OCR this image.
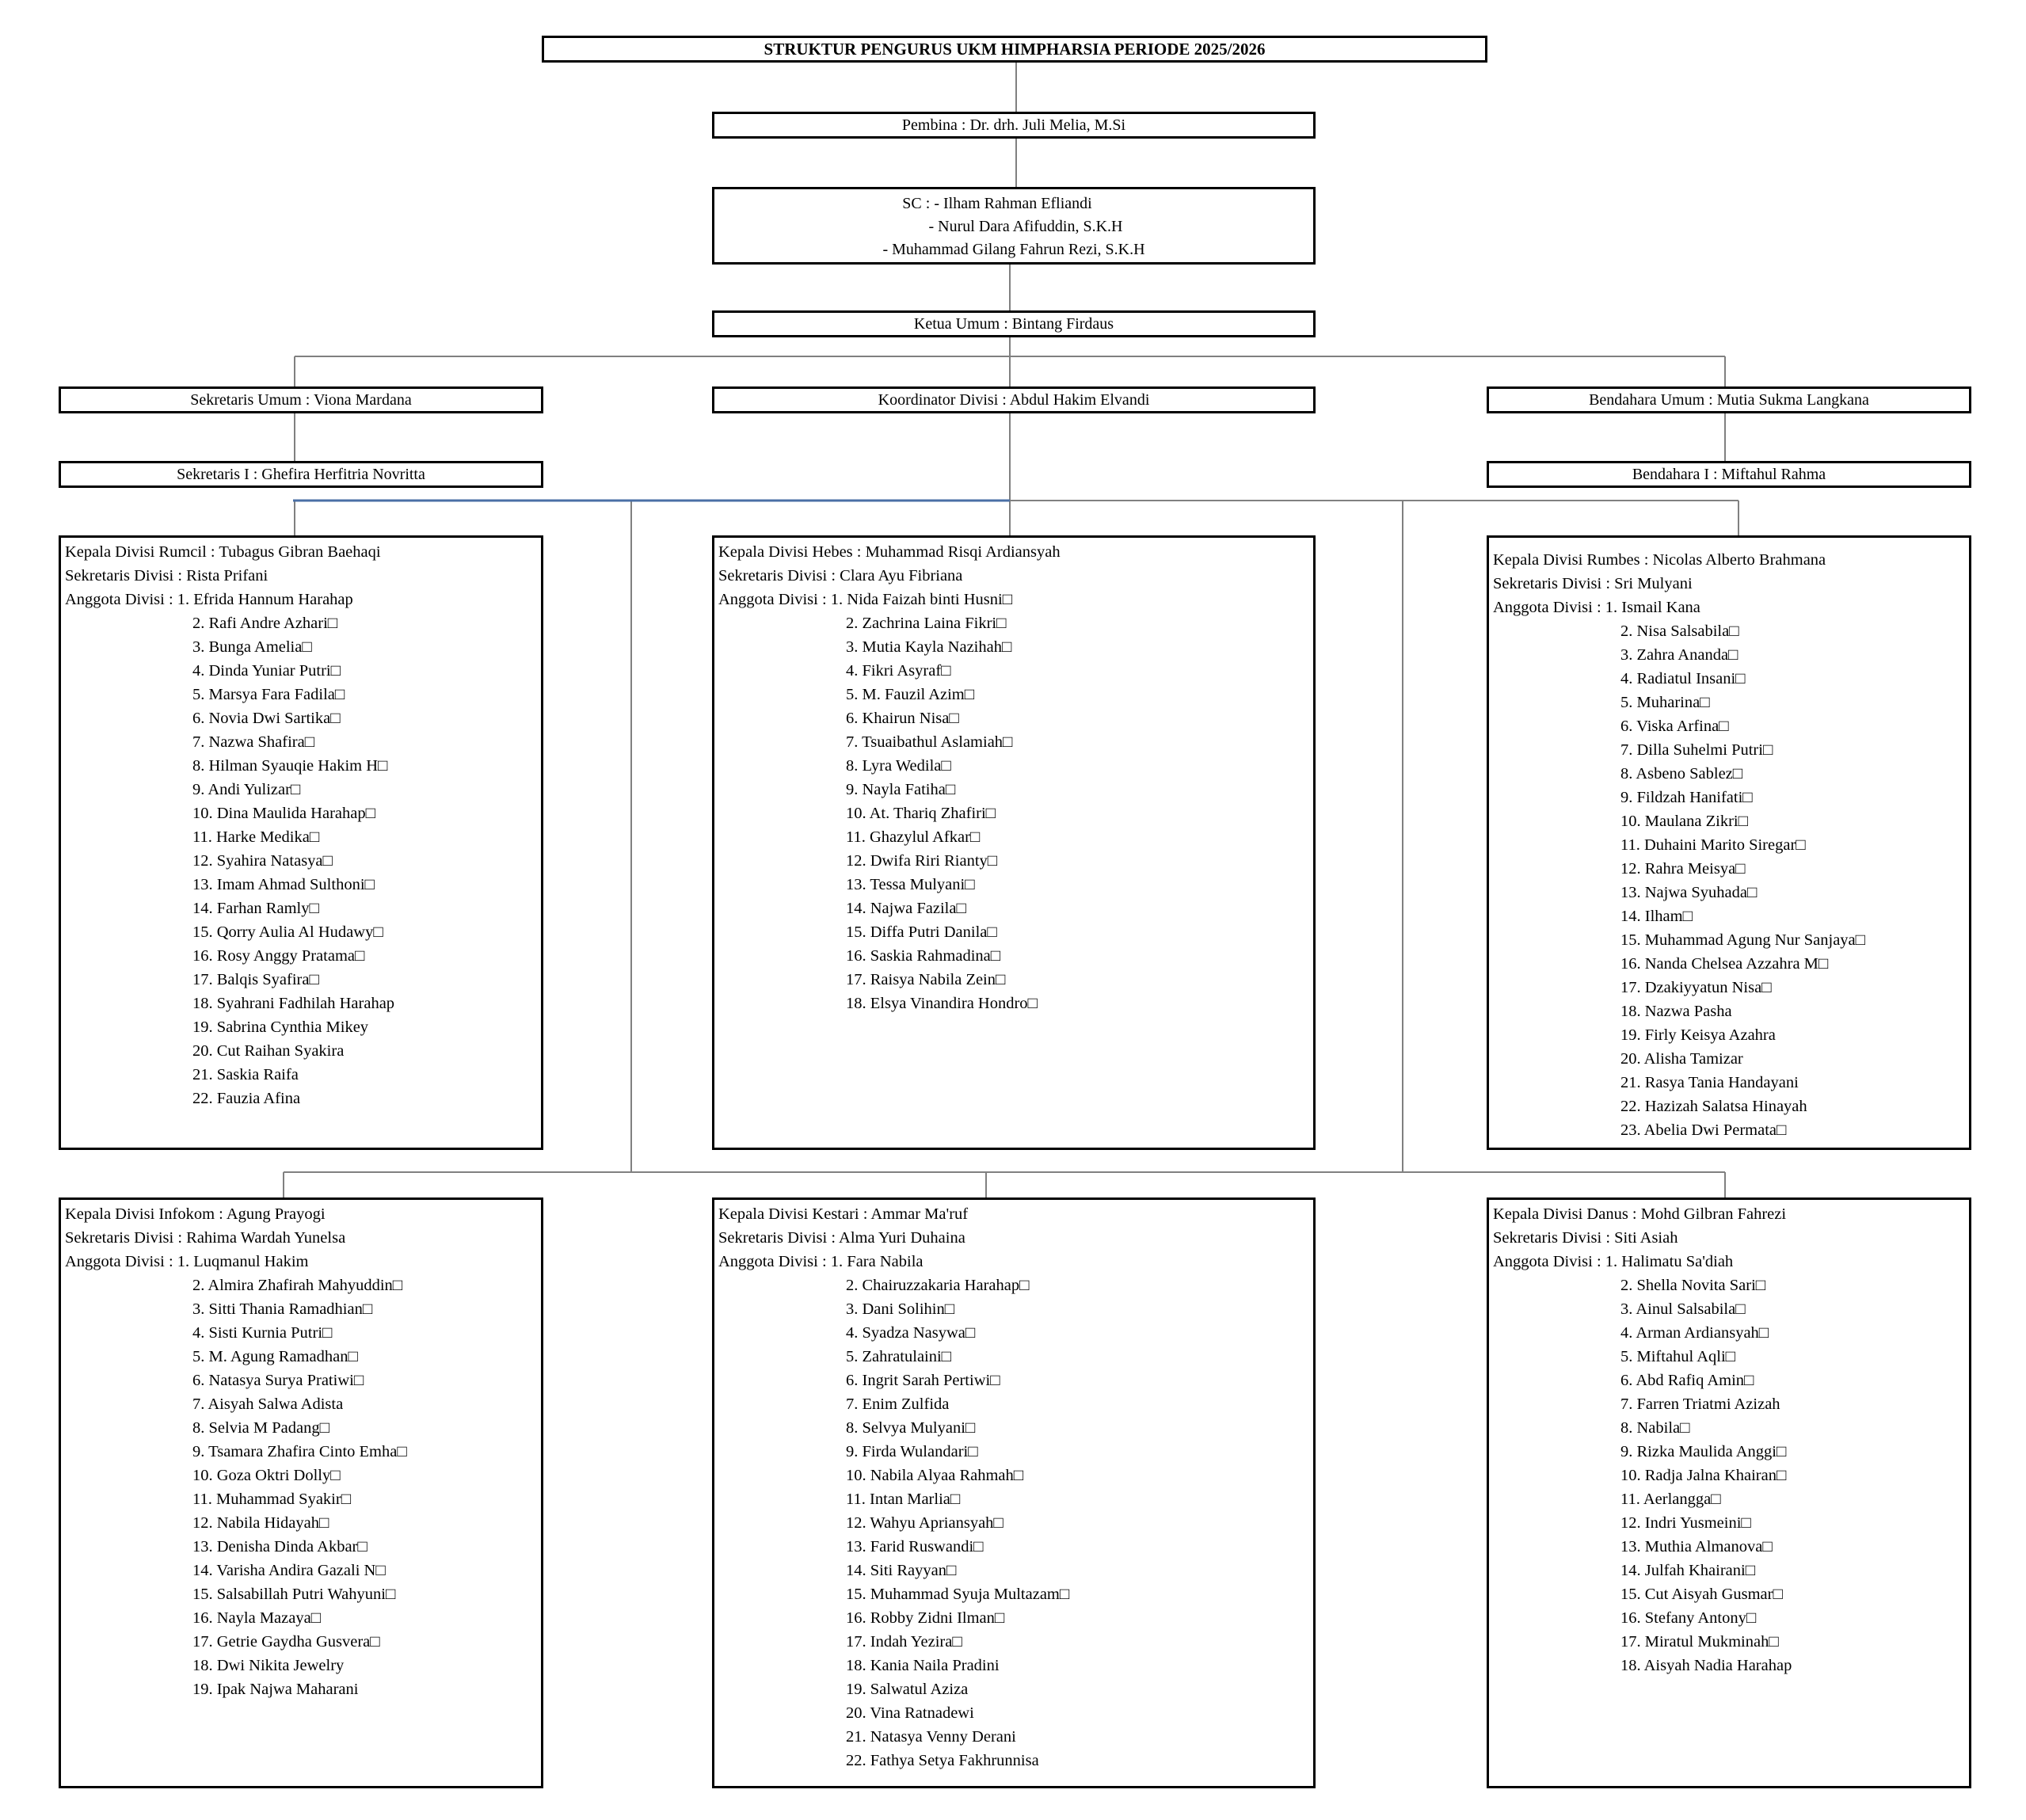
STRUKTUR PENGURUS UKM HIMPHARSIA PERIODE 2025/2026
Pembina : Dr. drh. Juli Melia, M.Si
SC : - Ilham Rahman Efliandi
- Nurul Dara Afifuddin, S.K.H
- Muhammad Gilang Fahrun Rezi, S.K.H
Ketua Umum : Bintang Firdaus
Sekretaris Umum : Viona Mardana	Koordinator Divisi : Abdul Hakim Elvandi	Bendahara Umum : Mutia Sukma Langkana
Sekretaris I : Ghefira Herfitria Novritta	Bendahara I : Miftahul Rahma
Kepala Divisi Rumcil : Tubagus Gibran Baehaqi
Sekretaris Divisi : Rista Prifani
Anggota Divisi : 1. Efrida Hannum Harahap
2. Rafi Andre Azhari□
3. Bunga Amelia□
4. Dinda Yuniar Putri□
5. Marsya Fara Fadila□
6. Novia Dwi Sartika□
7. Nazwa Shafira□
8. Hilman Syauqie Hakim H□
9. Andi Yulizar□
10. Dina Maulida Harahap□
11. Harke Medika□
12. Syahira Natasya□
13. Imam Ahmad Sulthoni□
14. Farhan Ramly□
15. Qorry Aulia Al Hudawy□
16. Rosy Anggy Pratama□
17. Balqis Syafira□
18. Syahrani Fadhilah Harahap
19. Sabrina Cynthia Mikey
20. Cut Raihan Syakira
21. Saskia Raifa
22. Fauzia Afina
Kepala Divisi Hebes : Muhammad Risqi Ardiansyah
Sekretaris Divisi : Clara Ayu Fibriana
Anggota Divisi : 1. Nida Faizah binti Husni□
2. Zachrina Laina Fikri□
3. Mutia Kayla Nazihah□
4. Fikri Asyraf□
5. M. Fauzil Azim□
6. Khairun Nisa□
7. Tsuaibathul Aslamiah□
8. Lyra Wedila□
9. Nayla Fatiha□
10. At. Thariq Zhafiri□
11. Ghazylul Afkar□
12. Dwifa Riri Rianty□
13. Tessa Mulyani□
14. Najwa Fazila□
15. Diffa Putri Danila□
16. Saskia Rahmadina□
17. Raisya Nabila Zein□
18. Elsya Vinandira Hondro□
Kepala Divisi Rumbes : Nicolas Alberto Brahmana
Sekretaris Divisi : Sri Mulyani
Anggota Divisi : 1. Ismail Kana
2. Nisa Salsabila□
3. Zahra Ananda□
4. Radiatul Insani□
5. Muharina□
6. Viska Arfina□
7. Dilla Suhelmi Putri□
8. Asbeno Sablez□
9. Fildzah Hanifati□
10. Maulana Zikri□
11. Duhaini Marito Siregar□
12. Rahra Meisya□
13. Najwa Syuhada□
14. Ilham□
15. Muhammad Agung Nur Sanjaya□
16. Nanda Chelsea Azzahra M□
17. Dzakiyyatun Nisa□
18. Nazwa Pasha
19. Firly Keisya Azahra
20. Alisha Tamizar
21. Rasya Tania Handayani
22. Hazizah Salatsa Hinayah
23. Abelia Dwi Permata□
Kepala Divisi Infokom : Agung Prayogi
Sekretaris Divisi : Rahima Wardah Yunelsa
Anggota Divisi : 1. Luqmanul Hakim
2. Almira Zhafirah Mahyuddin□
3. Sitti Thania Ramadhian□
4. Sisti Kurnia Putri□
5. M. Agung Ramadhan□
6. Natasya Surya Pratiwi□
7. Aisyah Salwa Adista
8. Selvia M Padang□
9. Tsamara Zhafira Cinto Emha□
10. Goza Oktri Dolly□
11. Muhammad Syakir□
12. Nabila Hidayah□
13. Denisha Dinda Akbar□
14. Varisha Andira Gazali N□
15. Salsabillah Putri Wahyuni□
16. Nayla Mazaya□
17. Getrie Gaydha Gusvera□
18. Dwi Nikita Jewelry
19. Ipak Najwa Maharani
Kepala Divisi Kestari : Ammar Ma'ruf
Sekretaris Divisi : Alma Yuri Duhaina
Anggota Divisi : 1. Fara Nabila
2. Chairuzzakaria Harahap□
3. Dani Solihin□
4. Syadza Nasywa□
5. Zahratulaini□
6. Ingrit Sarah Pertiwi□
7. Enim Zulfida
8. Selvya Mulyani□
9. Firda Wulandari□
10. Nabila Alyaa Rahmah□
11. Intan Marlia□
12. Wahyu Apriansyah□
13. Farid Ruswandi□
14. Siti Rayyan□
15. Muhammad Syuja Multazam□
16. Robby Zidni Ilman□
17. Indah Yezira□
18. Kania Naila Pradini
19. Salwatul Aziza
20. Vina Ratnadewi
21. Natasya Venny Derani
22. Fathya Setya Fakhrunnisa
Kepala Divisi Danus : Mohd Gilbran Fahrezi
Sekretaris Divisi : Siti Asiah
Anggota Divisi : 1. Halimatu Sa'diah
2. Shella Novita Sari□
3. Ainul Salsabila□
4. Arman Ardiansyah□
5. Miftahul Aqli□
6. Abd Rafiq Amin□
7. Farren Triatmi Azizah
8. Nabila□
9. Rizka Maulida Anggi□
10. Radja Jalna Khairan□
11. Aerlangga□
12. Indri Yusmeini□
13. Muthia Almanova□
14. Julfah Khairani□
15. Cut Aisyah Gusmar□
16. Stefany Antony□
17. Miratul Mukminah□
18. Aisyah Nadia Harahap
